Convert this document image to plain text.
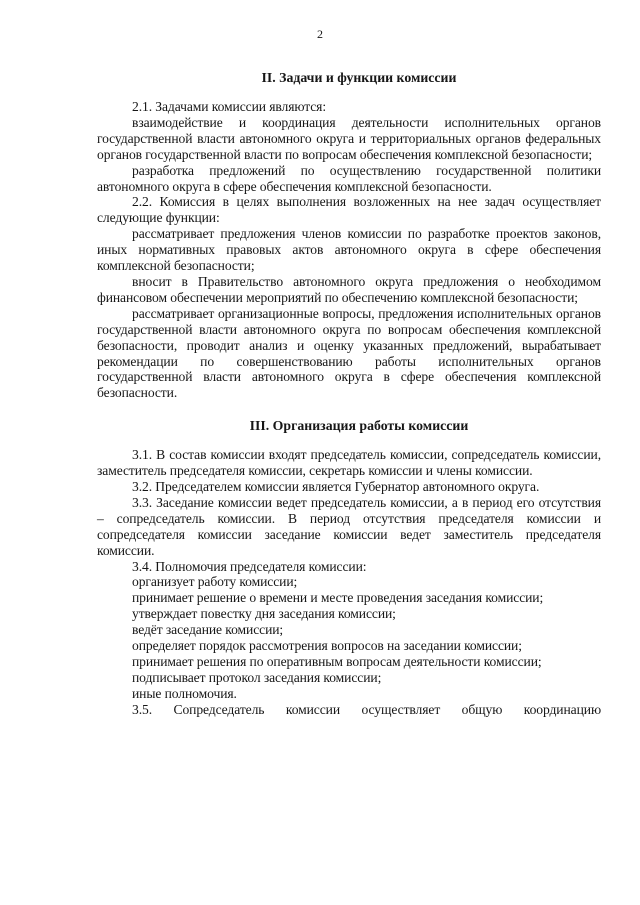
2
II. Задачи и функции комиссии

2.1. Задачами комиссии являются:

взаимодействие и координация деятельности исполнительных органов государственной власти автономного округа и территориальных органов федеральных органов государственной власти по вопросам обеспечения комплексной безопасности;

разработка предложений по осуществлению государственной политики автономного округа в сфере обеспечения комплексной безопасности.

2.2. Комиссия в целях выполнения возложенных на нее задач осуществляет следующие функции:

рассматривает предложения членов комиссии по разработке проектов законов, иных нормативных правовых актов автономного округа в сфере обеспечения комплексной безопасности;

вносит в Правительство автономного округа предложения о необходимом финансовом обеспечении мероприятий по обеспечению комплексной безопасности;

рассматривает организационные вопросы, предложения исполнительных органов государственной власти автономного округа по вопросам обеспечения комплексной безопасности, проводит анализ и оценку указанных предложений, вырабатывает рекомендации по совершенствованию работы исполнительных органов государственной власти автономного округа в сфере обеспечения комплексной безопасности.

III. Организация работы комиссии

3.1. В состав комиссии входят председатель комиссии, сопредседатель комиссии, заместитель председателя комиссии, секретарь комиссии и члены комиссии.

3.2. Председателем комиссии является Губернатор автономного округа.

3.3. Заседание комиссии ведет председатель комиссии, а в период его отсутствия – сопредседатель комиссии. В период отсутствия председателя комиссии и сопредседателя комиссии заседание комиссии ведет заместитель председателя комиссии.

3.4. Полномочия председателя комиссии:

организует работу комиссии;

принимает решение о времени и месте проведения заседания комиссии;

утверждает повестку дня заседания комиссии;

ведёт заседание комиссии;

определяет порядок рассмотрения вопросов на заседании комиссии;

принимает решения по оперативным вопросам деятельности комиссии;

подписывает протокол заседания комиссии;

иные полномочия.

3.5. Сопредседатель комиссии осуществляет общую координацию
